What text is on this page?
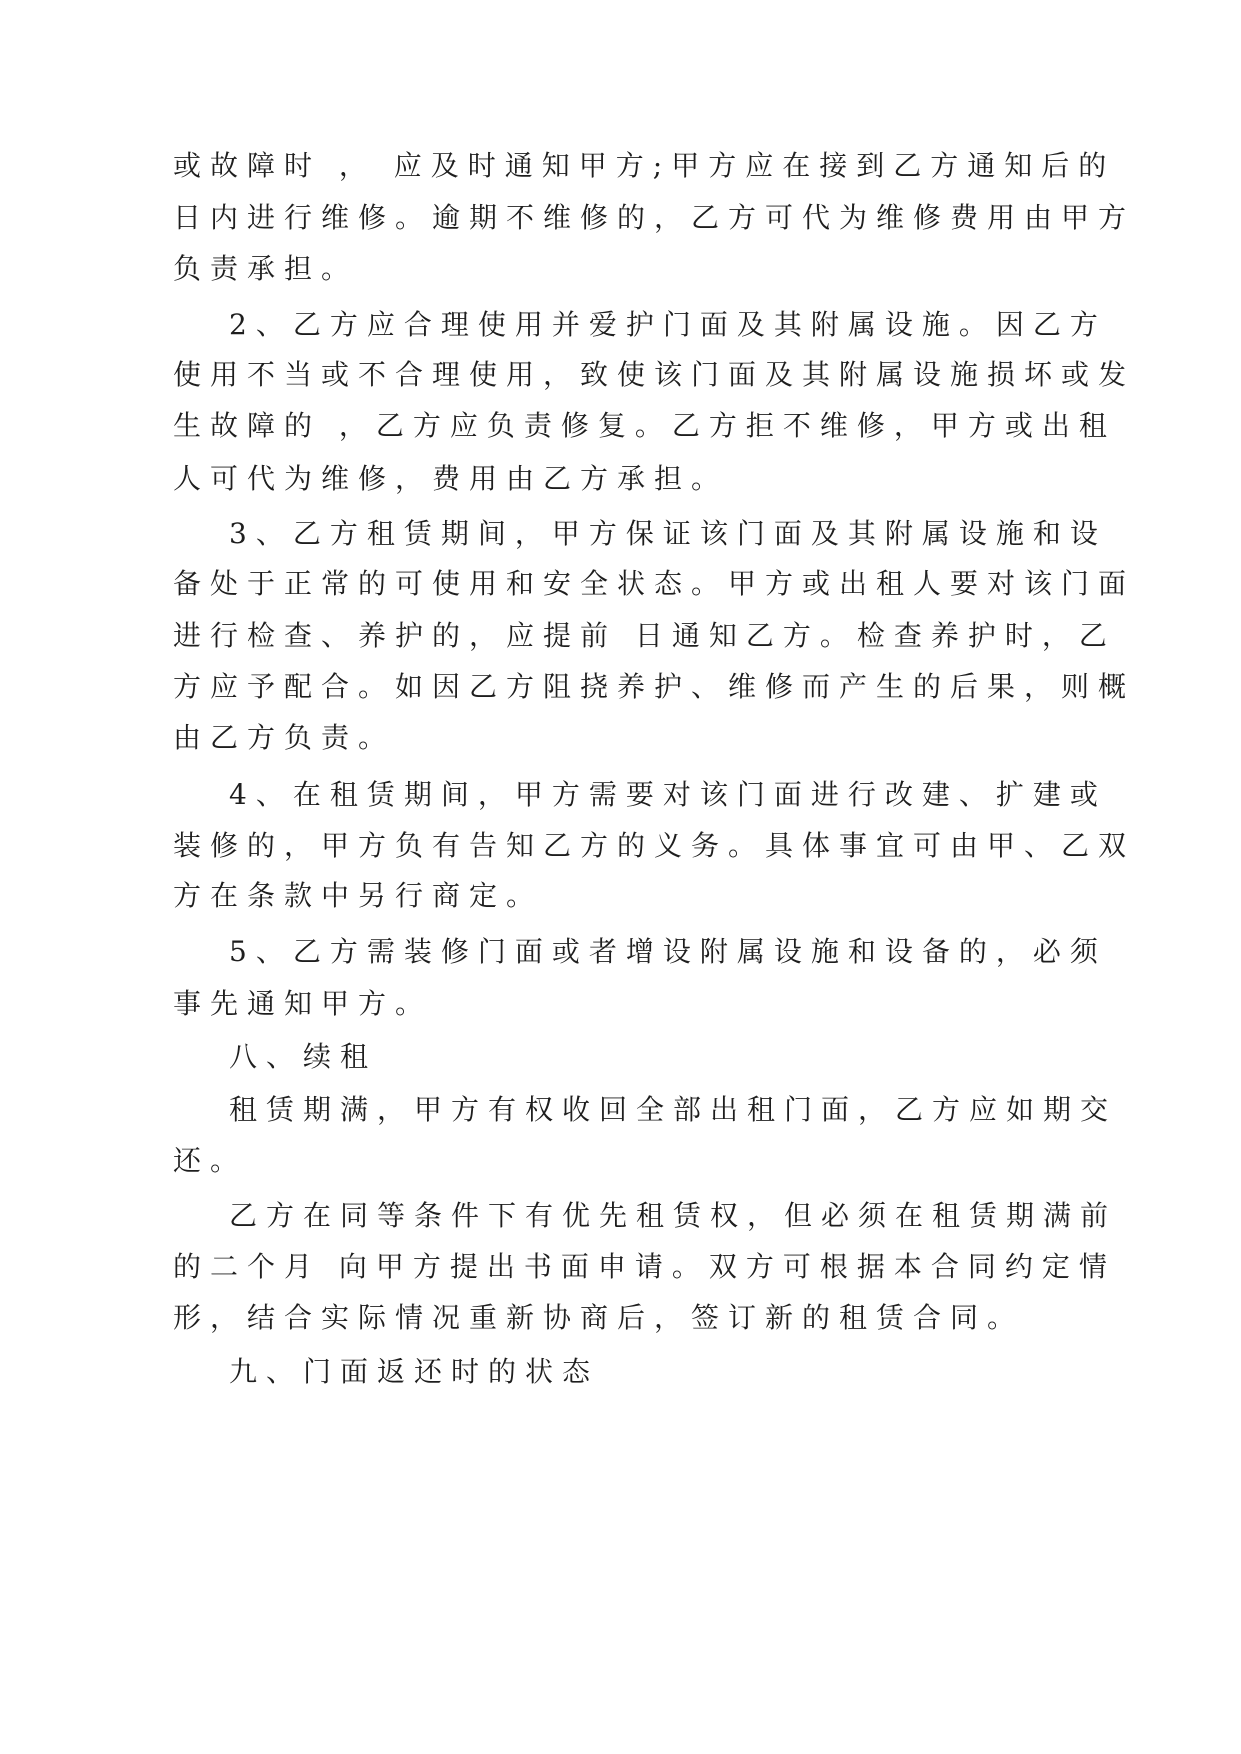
或故障时 ， 应及时通知甲方;甲方应在接到乙方通知后的

日内进行维修。逾期不维修的，乙方可代为维修费用由甲方

负责承担。

2、乙方应合理使用并爱护门面及其附属设施。因乙方

使用不当或不合理使用，致使该门面及其附属设施损坏或发

生故障的 ，乙方应负责修复。乙方拒不维修，甲方或出租

人可代为维修，费用由乙方承担。

3、乙方租赁期间，甲方保证该门面及其附属设施和设

备处于正常的可使用和安全状态。甲方或出租人要对该门面

进行检查、养护的，应提前 日通知乙方。检查养护时，乙

方应予配合。如因乙方阻挠养护、维修而产生的后果，则概

由乙方负责。

4、在租赁期间，甲方需要对该门面进行改建、扩建或

装修的，甲方负有告知乙方的义务。具体事宜可由甲、乙双

方在条款中另行商定。

5、乙方需装修门面或者增设附属设施和设备的，必须

事先通知甲方。

八、续租

租赁期满，甲方有权收回全部出租门面，乙方应如期交

还。

乙方在同等条件下有优先租赁权，但必须在租赁期满前

的二个月 向甲方提出书面申请。双方可根据本合同约定情

形，结合实际情况重新协商后，签订新的租赁合同。

九、门面返还时的状态
